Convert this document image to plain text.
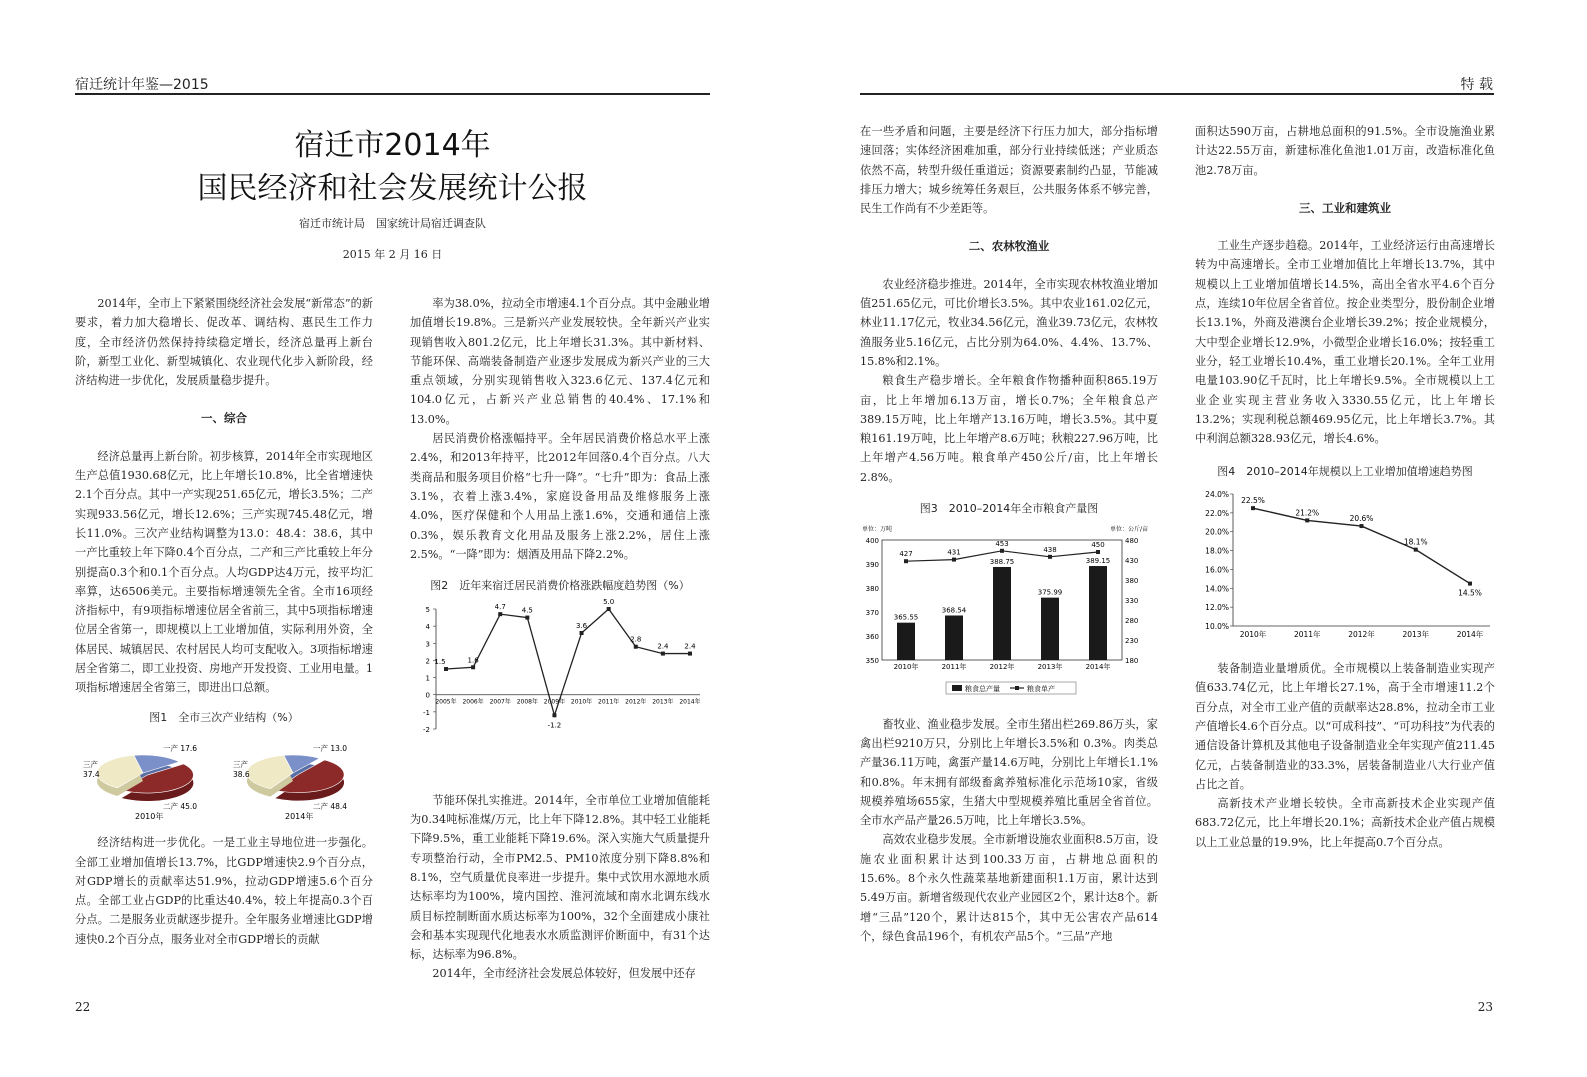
宿迁统计年鉴—2015	特 载
宿迁市2014年
国民经济和社会发展统计公报
宿迁市统计局　国家统计局宿迁调查队
2015 年 2 月 16 日

2014年，全市上下紧紧围绕经济社会发展“新常态”的新要求，着力加大稳增长、促改革、调结构、惠民生工作力度，全市经济仍然保持持续稳定增长，经济总量再上新台阶，新型工业化、新型城镇化、农业现代化步入新阶段，经济结构进一步优化，发展质量稳步提升。

一、综合

经济总量再上新台阶。初步核算，2014年全市实现地区生产总值1930.68亿元，比上年增长10.8%，比全省增速快2.1个百分点。其中一产实现251.65亿元，增长3.5%；二产实现933.56亿元，增长12.6%；三产实现745.48亿元，增长11.0%。三次产业结构调整为13.0：48.4：38.6，其中一产比重较上年下降0.4个百分点，二产和三产比重较上年分别提高0.3个和0.1个百分点。人均GDP达4万元，按平均汇率算，达6506美元。主要指标增速领先全省。全市16项经济指标中，有9项指标增速位居全省前三，其中5项指标增速位居全省第一，即规模以上工业增加值，实际利用外资，全体居民、城镇居民、农村居民人均可支配收入。3项指标增速居全省第二，即工业投资、房地产开发投资、工业用电量。1项指标增速居全省第三，即进出口总额。

图1　全市三次产业结构（%）
一产 17.6
二产 45.0
三产
37.4
2010年
一产 13.0
二产 48.4
三产
38.6
2014年

经济结构进一步优化。一是工业主导地位进一步强化。全部工业增加值增长13.7%，比GDP增速快2.9个百分点，对GDP增长的贡献率达51.9%，拉动GDP增速5.6个百分点。全部工业占GDP的比重达40.4%，较上年提高0.3个百分点。二是服务业贡献逐步提升。全年服务业增速比GDP增速快0.2个百分点，服务业对全市GDP增长的贡献

率为38.0%，拉动全市增速4.1个百分点。其中金融业增加值增长19.8%。三是新兴产业发展较快。全年新兴产业实现销售收入801.2亿元，比上年增长31.3%。其中新材料、节能环保、高端装备制造产业逐步发展成为新兴产业的三大重点领域，分别实现销售收入323.6亿元、137.4亿元和104.0亿元，占新兴产业总销售的40.4%、17.1%和13.0%。

居民消费价格涨幅持平。全年居民消费价格总水平上涨2.4%，和2013年持平，比2012年回落0.4个百分点。八大类商品和服务项目价格“七升一降”。“七升”即为：食品上涨3.1%，衣着上涨3.4%，家庭设备用品及维修服务上涨4.0%，医疗保健和个人用品上涨1.6%，交通和通信上涨0.3%，娱乐教育文化用品及服务上涨2.2%，居住上涨2.5%。“一降”即为：烟酒及用品下降2.2%。

图2　近年来宿迁居民消费价格涨跌幅度趋势图（%）
5
4
3
2
1
0
-1
-2
2005年 2006年 2007年 2008年 2009年 2010年 2011年 2012年 2013年 2014年
1.5	1.6
4.7 4.5
-1.2
3.6
5.0
2.8
2.4 2.4

节能环保扎实推进。2014年，全市单位工业增加值能耗为0.34吨标准煤/万元，比上年下降12.8%。其中轻工业能耗下降9.5%，重工业能耗下降19.6%。深入实施大气质量提升专项整治行动，全市PM2.5、PM10浓度分别下降8.8%和8.1%，空气质量优良率进一步提升。集中式饮用水源地水质达标率均为100%，境内国控、淮河流域和南水北调东线水质目标控制断面水质达标率为100%，32个全面建成小康社会和基本实现现代化地表水水质监测评价断面中，有31个达标，达标率为96.8%。

2014年，全市经济社会发展总体较好，但发展中还存

在一些矛盾和问题，主要是经济下行压力加大，部分指标增速回落；实体经济困难加重，部分行业持续低迷；产业质态依然不高，转型升级任重道远；资源要素制约凸显，节能减排压力增大；城乡统筹任务艰巨，公共服务体系不够完善，民生工作尚有不少差距等。

二、农林牧渔业

农业经济稳步推进。2014年，全市实现农林牧渔业增加值251.65亿元，可比价增长3.5%。其中农业161.02亿元，林业11.17亿元，牧业34.56亿元，渔业39.73亿元，农林牧渔服务业5.16亿元，占比分别为64.0%、4.4%、13.7%、15.8%和2.1%。

粮食生产稳步增长。全年粮食作物播种面积865.19万亩，比上年增加6.13万亩，增长0.7%；全年粮食总产389.15万吨，比上年增产13.16万吨，增长3.5%。其中夏粮161.19万吨，比上年增产8.6万吨；秋粮227.96万吨，比上年增产4.56万吨。粮食单产450公斤/亩，比上年增长2.8%。

图3　2010–2014年全市粮食产量图
单位：万吨	单位：公斤/亩
400
390
380
370
360
350
480
430
380
330
280
230
180
365.55
2010年
368.54
2011年
388.75
2012年
375.99
2013年
389.15
2014年
427	431
453
438
450
粮食总产量	粮食单产

畜牧业、渔业稳步发展。全市生猪出栏269.86万头，家禽出栏9210万只，分别比上年增长3.5%和 0.3%。肉类总产量36.11万吨，禽蛋产量14.6万吨，分别比上年增长1.1%和0.8%。年末拥有部级畜禽养殖标准化示范场10家，省级规模养殖场655家，生猪大中型规模养殖比重居全省首位。 全市水产品产量26.5万吨，比上年增长3.5%。

高效农业稳步发展。全市新增设施农业面积8.5万亩，设施农业面积累计达到100.33万亩，占耕地总面积的15.6%。8个永久性蔬菜基地新建面积1.1万亩，累计达到5.49万亩。新增省级现代农业产业园区2个，累计达8个。新增“三品”120个，累计达815个，其中无公害农产品614个，绿色食品196个，有机农产品5个。“三品”产地

面积达590万亩，占耕地总面积的91.5%。全市设施渔业累计达22.55万亩，新建标准化鱼池1.01万亩，改造标准化鱼池2.78万亩。

三、工业和建筑业

工业生产逐步趋稳。2014年，工业经济运行由高速增长转为中高速增长。全市工业增加值比上年增长13.7%，其中规模以上工业增加值增长14.5%，高出全省水平4.6个百分点，连续10年位居全省首位。按企业类型分，股份制企业增长13.1%，外商及港澳台企业增长39.2%；按企业规模分，大中型企业增长12.9%，小微型企业增长16.0%；按轻重工业分，轻工业增长10.4%，重工业增长20.1%。全年工业用电量103.90亿千瓦时，比上年增长9.5%。全市规模以上工业企业实现主营业务收入3330.55亿元，比上年增长13.2%；实现利税总额469.95亿元，比上年增长3.7%。其中利润总额328.93亿元，增长4.6%。

图4　2010–2014年规模以上工业增加值增速趋势图
24.0%
22.0%
20.0%
18.0%
16.0%
14.0%
12.0%
10.0%
2010年	2011年	2012年	2013年	2014年
22.5%
21.2%
20.6%
18.1%
14.5%

装备制造业量增质优。全市规模以上装备制造业实现产值633.74亿元，比上年增长27.1%，高于全市增速11.2个百分点，对全市工业产值的贡献率达28.8%，拉动全市工业产值增长4.6个百分点。以“可成科技”、“可功科技”为代表的通信设备计算机及其他电子设备制造业全年实现产值211.45亿元，占装备制造业的33.3%，居装备制造业八大行业产值占比之首。

高新技术产业增长较快。全市高新技术企业实现产值683.72亿元，比上年增长20.1%；高新技术企业产值占规模以上工业总量的19.9%，比上年提高0.7个百分点。

22	23
